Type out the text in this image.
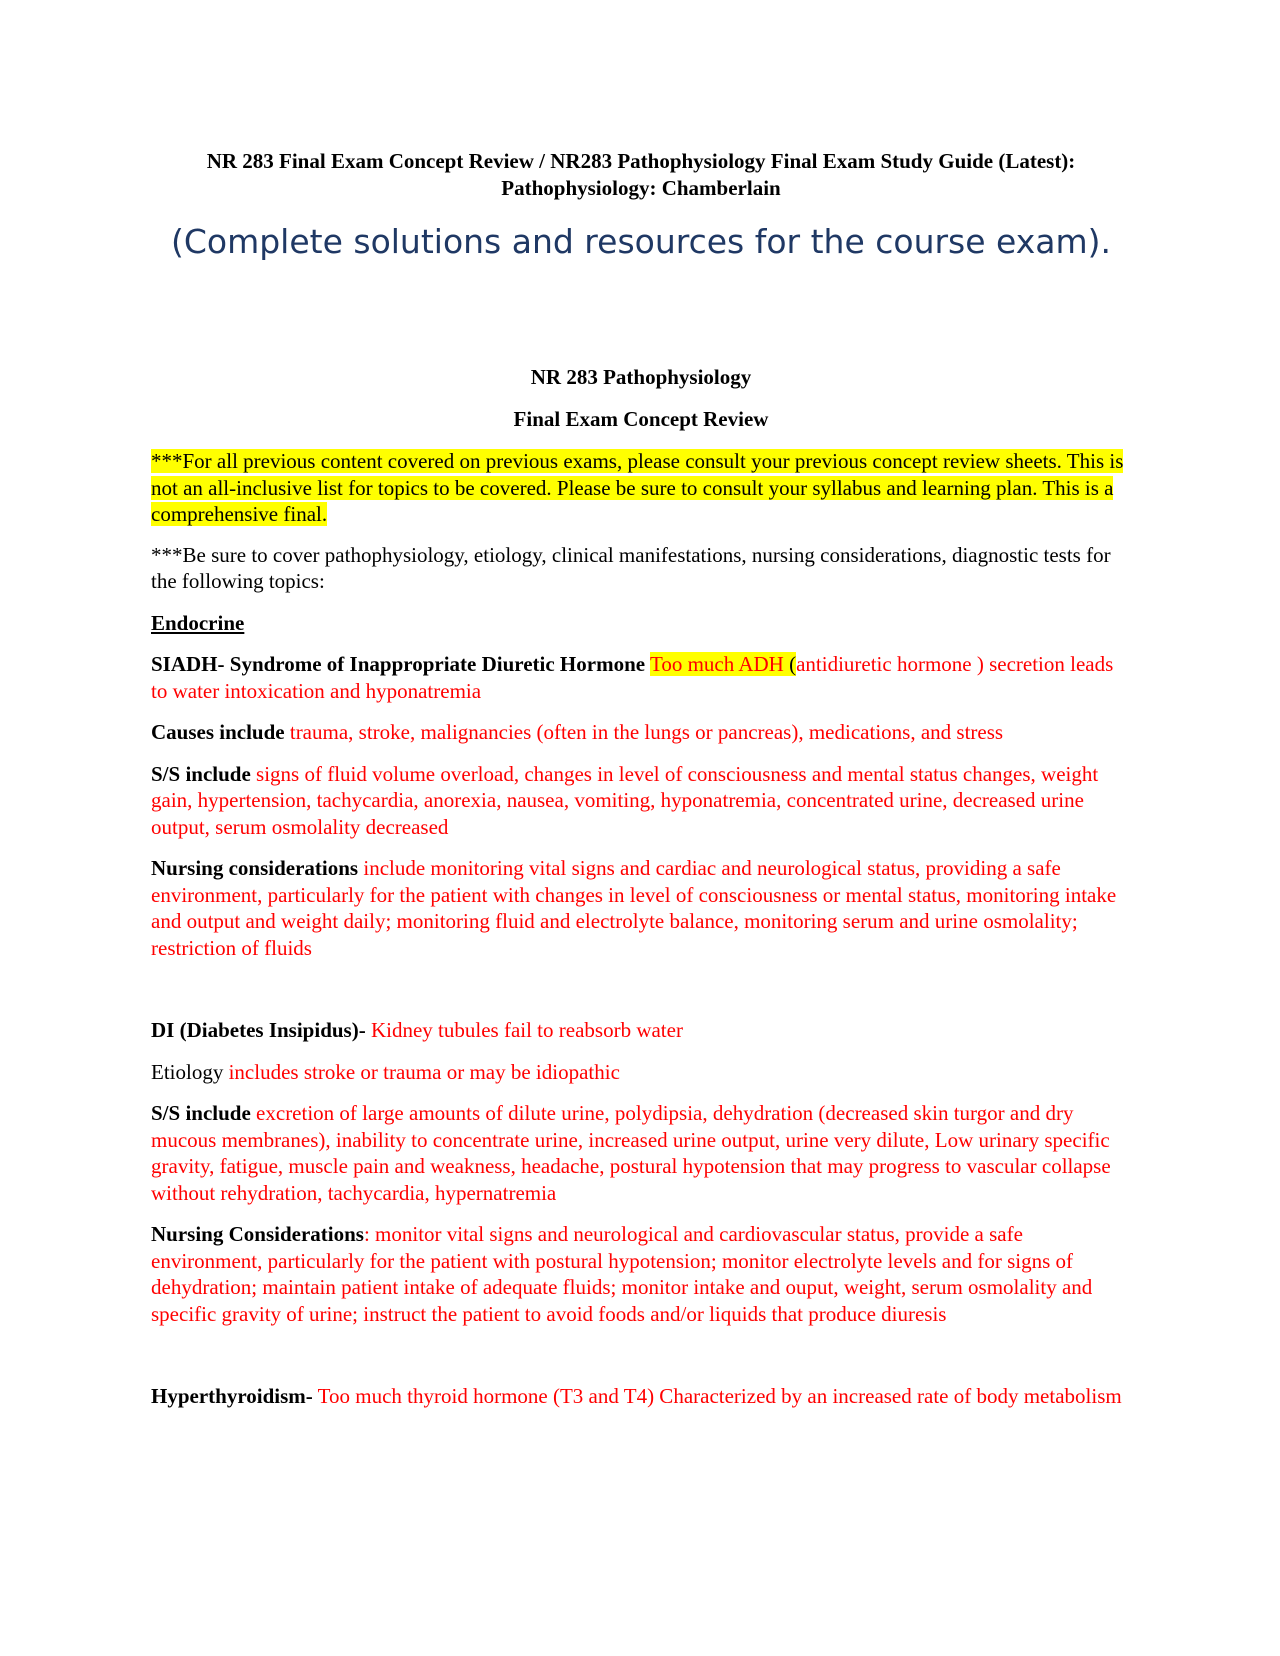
NR 283 Final Exam Concept Review / NR283 Pathophysiology Final Exam Study Guide (Latest):
Pathophysiology: Chamberlain

(Complete solutions and resources for the course exam).

NR 283 Pathophysiology

Final Exam Concept Review

***For all previous content covered on previous exams, please consult your previous concept review sheets. This is not an all-inclusive list for topics to be covered. Please be sure to consult your syllabus and learning plan. This is a comprehensive final.

***Be sure to cover pathophysiology, etiology, clinical manifestations, nursing considerations, diagnostic tests for the following topics:

Endocrine

SIADH- Syndrome of Inappropriate Diuretic Hormone Too much ADH (antidiuretic hormone ) secretion leads to water intoxication and hyponatremia

Causes include trauma, stroke, malignancies (often in the lungs or pancreas), medications, and stress

S/S include signs of fluid volume overload, changes in level of consciousness and mental status changes, weight gain, hypertension, tachycardia, anorexia, nausea, vomiting, hyponatremia, concentrated urine, decreased urine output, serum osmolality decreased

Nursing considerations include monitoring vital signs and cardiac and neurological status, providing a safe environment, particularly for the patient with changes in level of consciousness or mental status, monitoring intake and output and weight daily; monitoring fluid and electrolyte balance, monitoring serum and urine osmolality; restriction of fluids

DI (Diabetes Insipidus)- Kidney tubules fail to reabsorb water

Etiology includes stroke or trauma or may be idiopathic

S/S include excretion of large amounts of dilute urine, polydipsia, dehydration (decreased skin turgor and dry mucous membranes), inability to concentrate urine, increased urine output, urine very dilute, Low urinary specific gravity, fatigue, muscle pain and weakness, headache, postural hypotension that may progress to vascular collapse without rehydration, tachycardia, hypernatremia

Nursing Considerations: monitor vital signs and neurological and cardiovascular status, provide a safe environment, particularly for the patient with postural hypotension; monitor electrolyte levels and for signs of dehydration; maintain patient intake of adequate fluids; monitor intake and ouput, weight, serum osmolality and specific gravity of urine; instruct the patient to avoid foods and/or liquids that produce diuresis

Hyperthyroidism- Too much thyroid hormone (T3 and T4) Characterized by an increased rate of body metabolism
